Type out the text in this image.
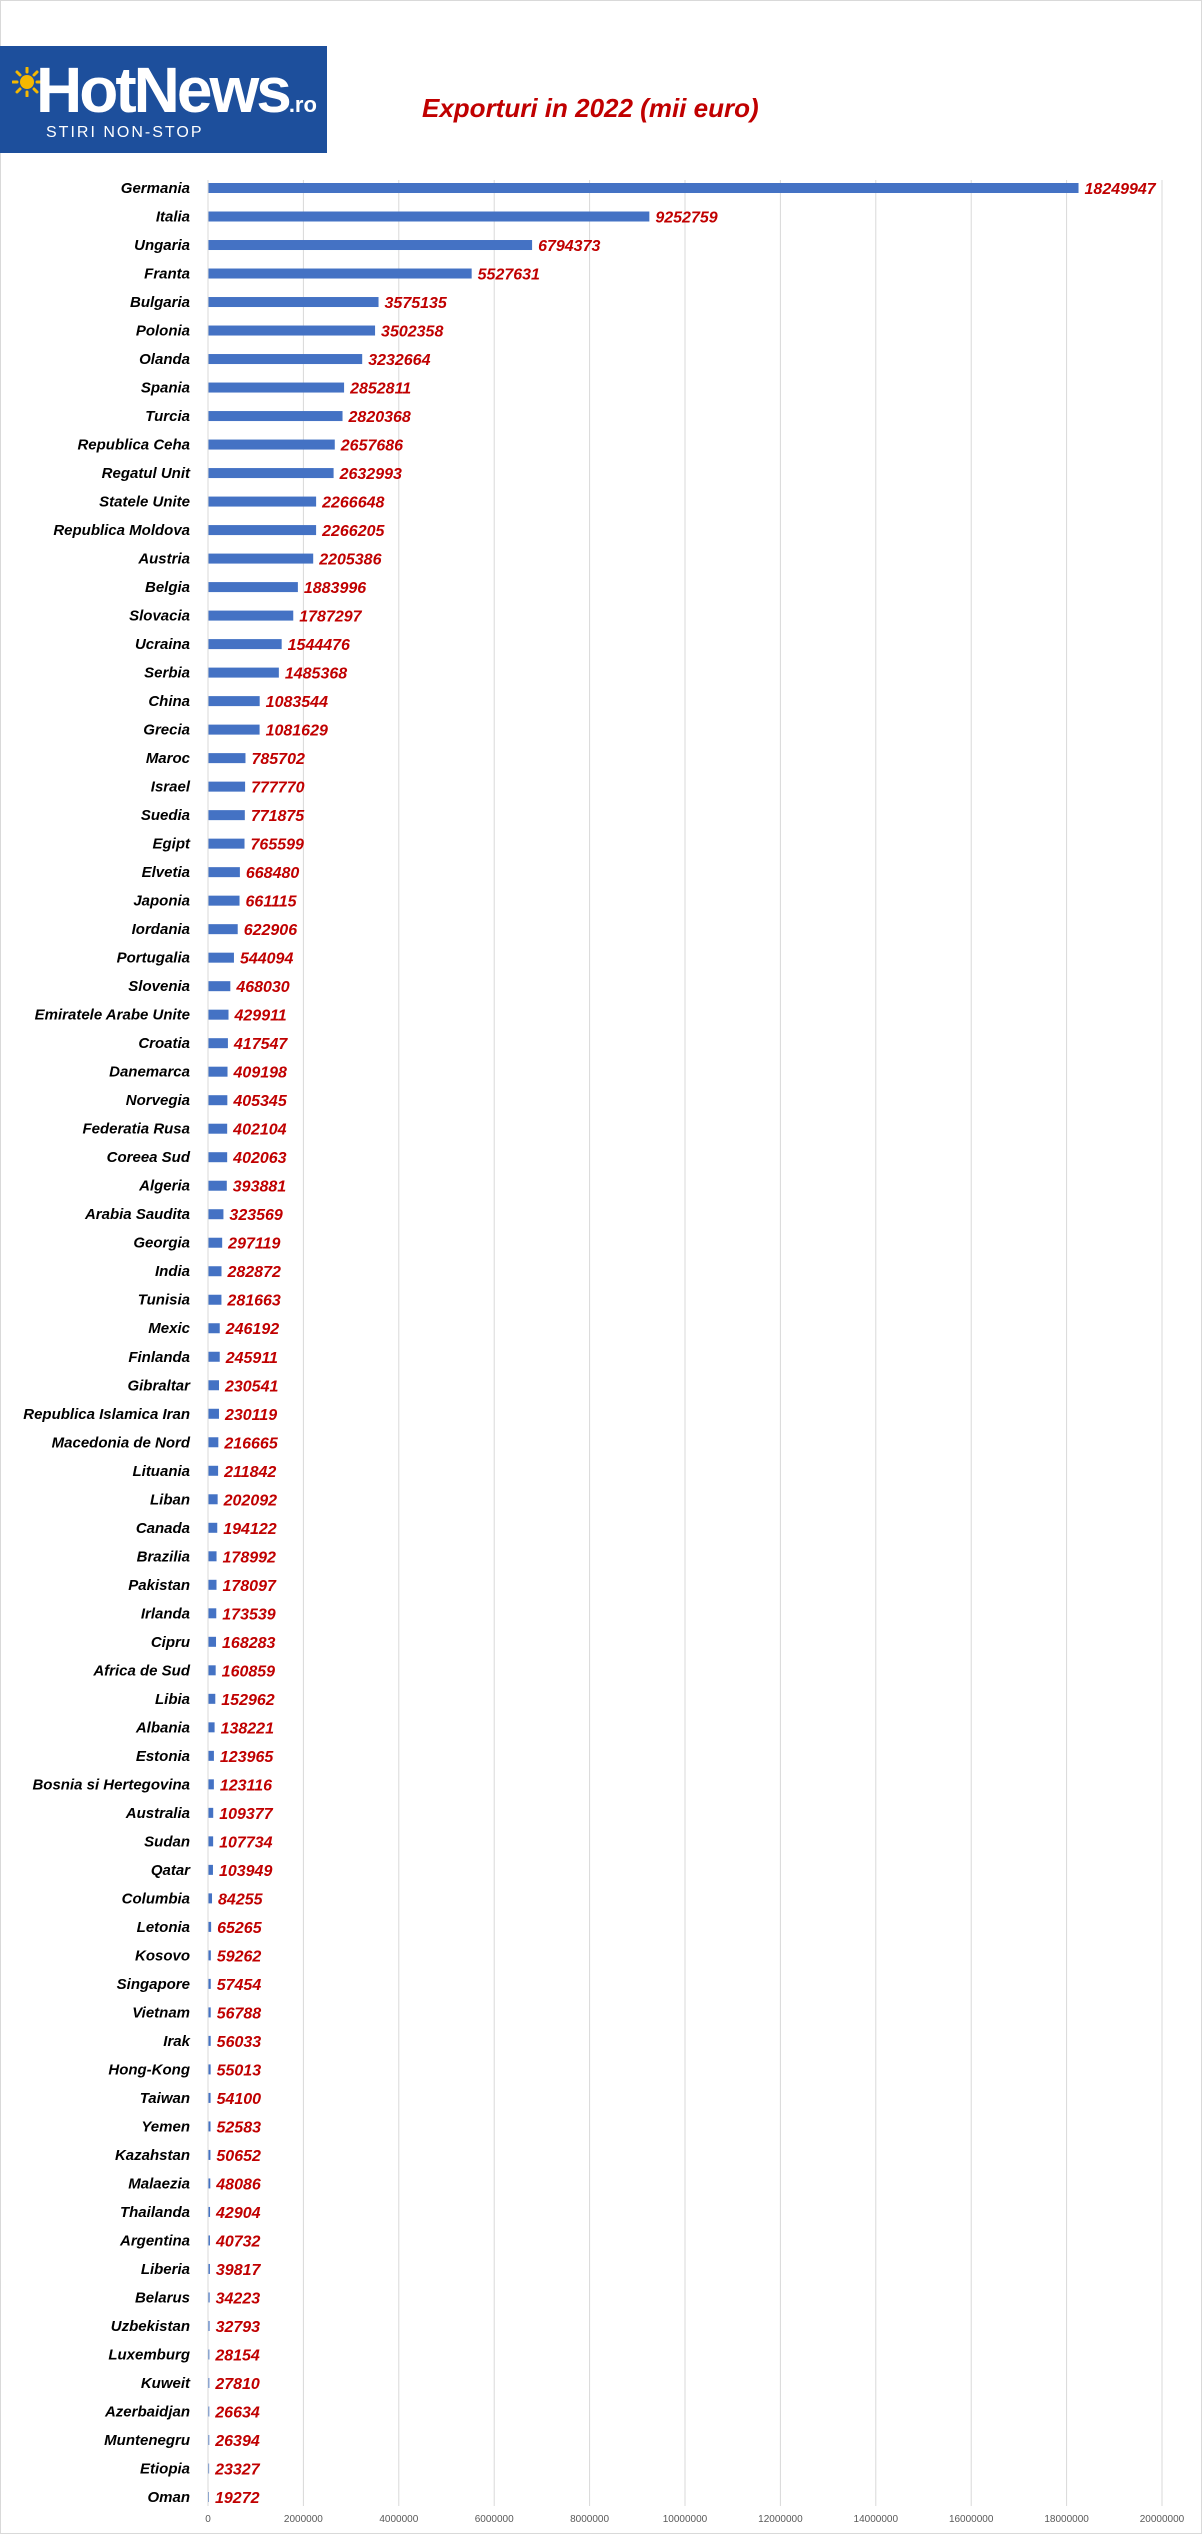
HotNews.ro
STIRI NON-STOP
Exporturi in 2022 (mii euro)
0	2000000	4000000	6000000	8000000	10000000	12000000	14000000	16000000	18000000	20000000
Germania	18249947
Italia	9252759
Ungaria	6794373
Franta	5527631
Bulgaria	3575135
Polonia	3502358
Olanda	3232664
Spania	2852811
Turcia	2820368
Republica Ceha	2657686
Regatul Unit	2632993
Statele Unite	2266648
Republica Moldova	2266205
Austria	2205386
Belgia	1883996
Slovacia	1787297
Ucraina	1544476
Serbia	1485368
China	1083544
Grecia	1081629
Maroc	785702
Israel	777770
Suedia	771875
Egipt	765599
Elvetia	668480
Japonia	661115
Iordania	622906
Portugalia	544094
Slovenia	468030
Emiratele Arabe Unite	429911
Croatia	417547
Danemarca	409198
Norvegia	405345
Federatia Rusa	402104
Coreea Sud	402063
Algeria	393881
Arabia Saudita 323569
Georgia 297119
India 282872
Tunisia 281663
Mexic 246192
Finlanda 245911
Gibraltar 230541
Republica Islamica Iran 230119
Macedonia de Nord 216665
Lituania 211842
Liban 202092
Canada 194122
Brazilia 178992
Pakistan 178097
Irlanda 173539
Cipru 168283
Africa de Sud 160859
Libia 152962
Albania 138221
Estonia 123965
Bosnia si Hertegovina 123116
Australia 109377
Sudan 107734
Qatar 103949
Columbia 84255
Letonia 65265
Kosovo 59262
Singapore 57454
Vietnam 56788
Irak 56033
Hong-Kong 55013
Taiwan 54100
Yemen 52583
Kazahstan 50652
Malaezia 48086
Thailanda 42904
Argentina 40732
Liberia 39817
Belarus 34223
Uzbekistan 32793
Luxemburg 28154
Kuweit 27810
Azerbaidjan 26634
Muntenegru 26394
Etiopia 23327
Oman 19272
